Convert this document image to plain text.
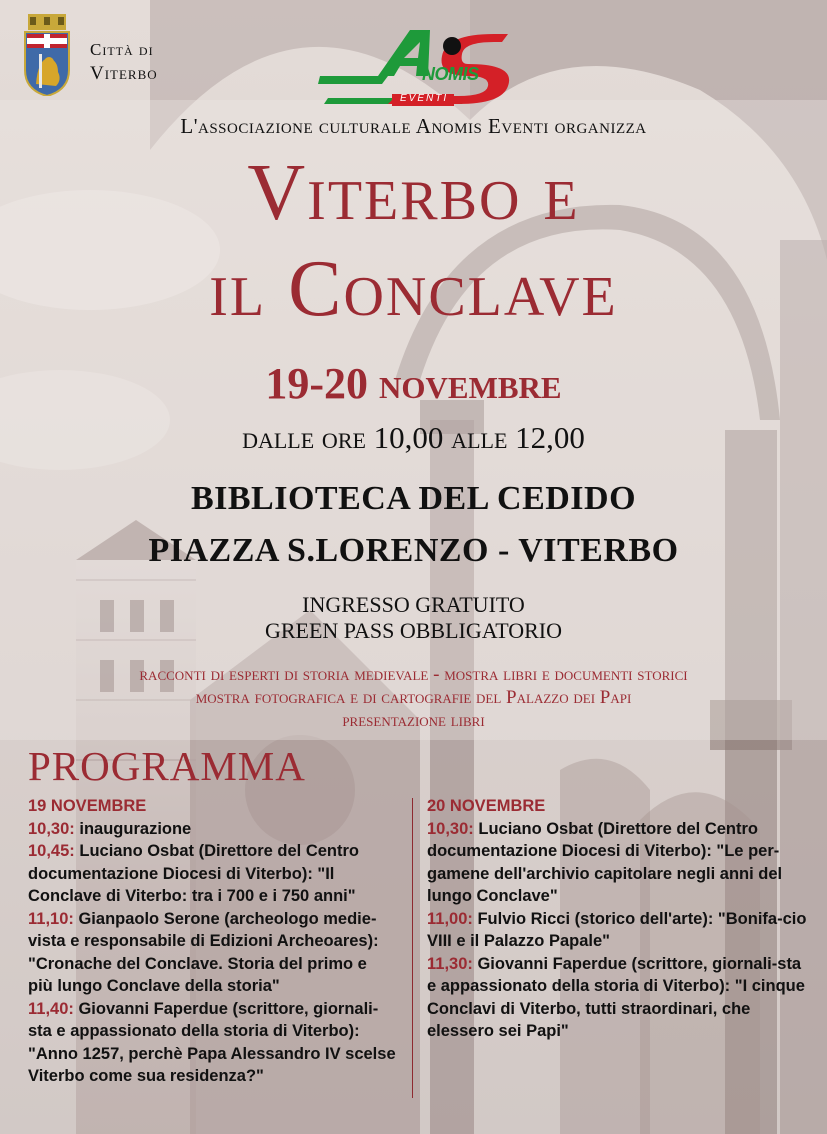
Città di
Viterbo	NOMIS
EVENTI
L'associazione culturale Anomis Eventi organizza
Viterbo e
il Conclave
19-20 novembre
dalle ore 10,00 alle 12,00
BIBLIOTECA DEL CEDIDO
PIAZZA S.LORENZO - VITERBO
INGRESSO GRATUITO
GREEN PASS OBBLIGATORIO
racconti di esperti di storia medievale - mostra libri e documenti storici
mostra fotografica e di cartografie del Palazzo dei Papi
presentazione libri
PROGRAMMA
19 NOVEMBRE
10,30: inaugurazione
10,45: Luciano Osbat (Direttore del Centro documentazione Diocesi di Viterbo): "Il Conclave di Viterbo: tra i 700 e i 750 anni"
11,10: Gianpaolo Serone (archeologo medie-vista e responsabile di Edizioni Archeoares): "Cronache del Conclave. Storia del primo e più lungo Conclave della storia"
11,40: Giovanni Faperdue (scrittore, giornali-sta e appassionato della storia di Viterbo): "Anno 1257, perchè Papa Alessandro IV scelse Viterbo come sua residenza?"
20 NOVEMBRE
10,30: Luciano Osbat (Direttore del Centro documentazione Diocesi di Viterbo): "Le per-gamene dell'archivio capitolare negli anni del lungo Conclave"
11,00: Fulvio Ricci (storico dell'arte): "Bonifa-cio VIII e il Palazzo Papale"
11,30: Giovanni Faperdue (scrittore, giornali-sta e appassionato della storia di Viterbo): "I cinque Conclavi di Viterbo, tutti straordinari, che elessero sei Papi"
